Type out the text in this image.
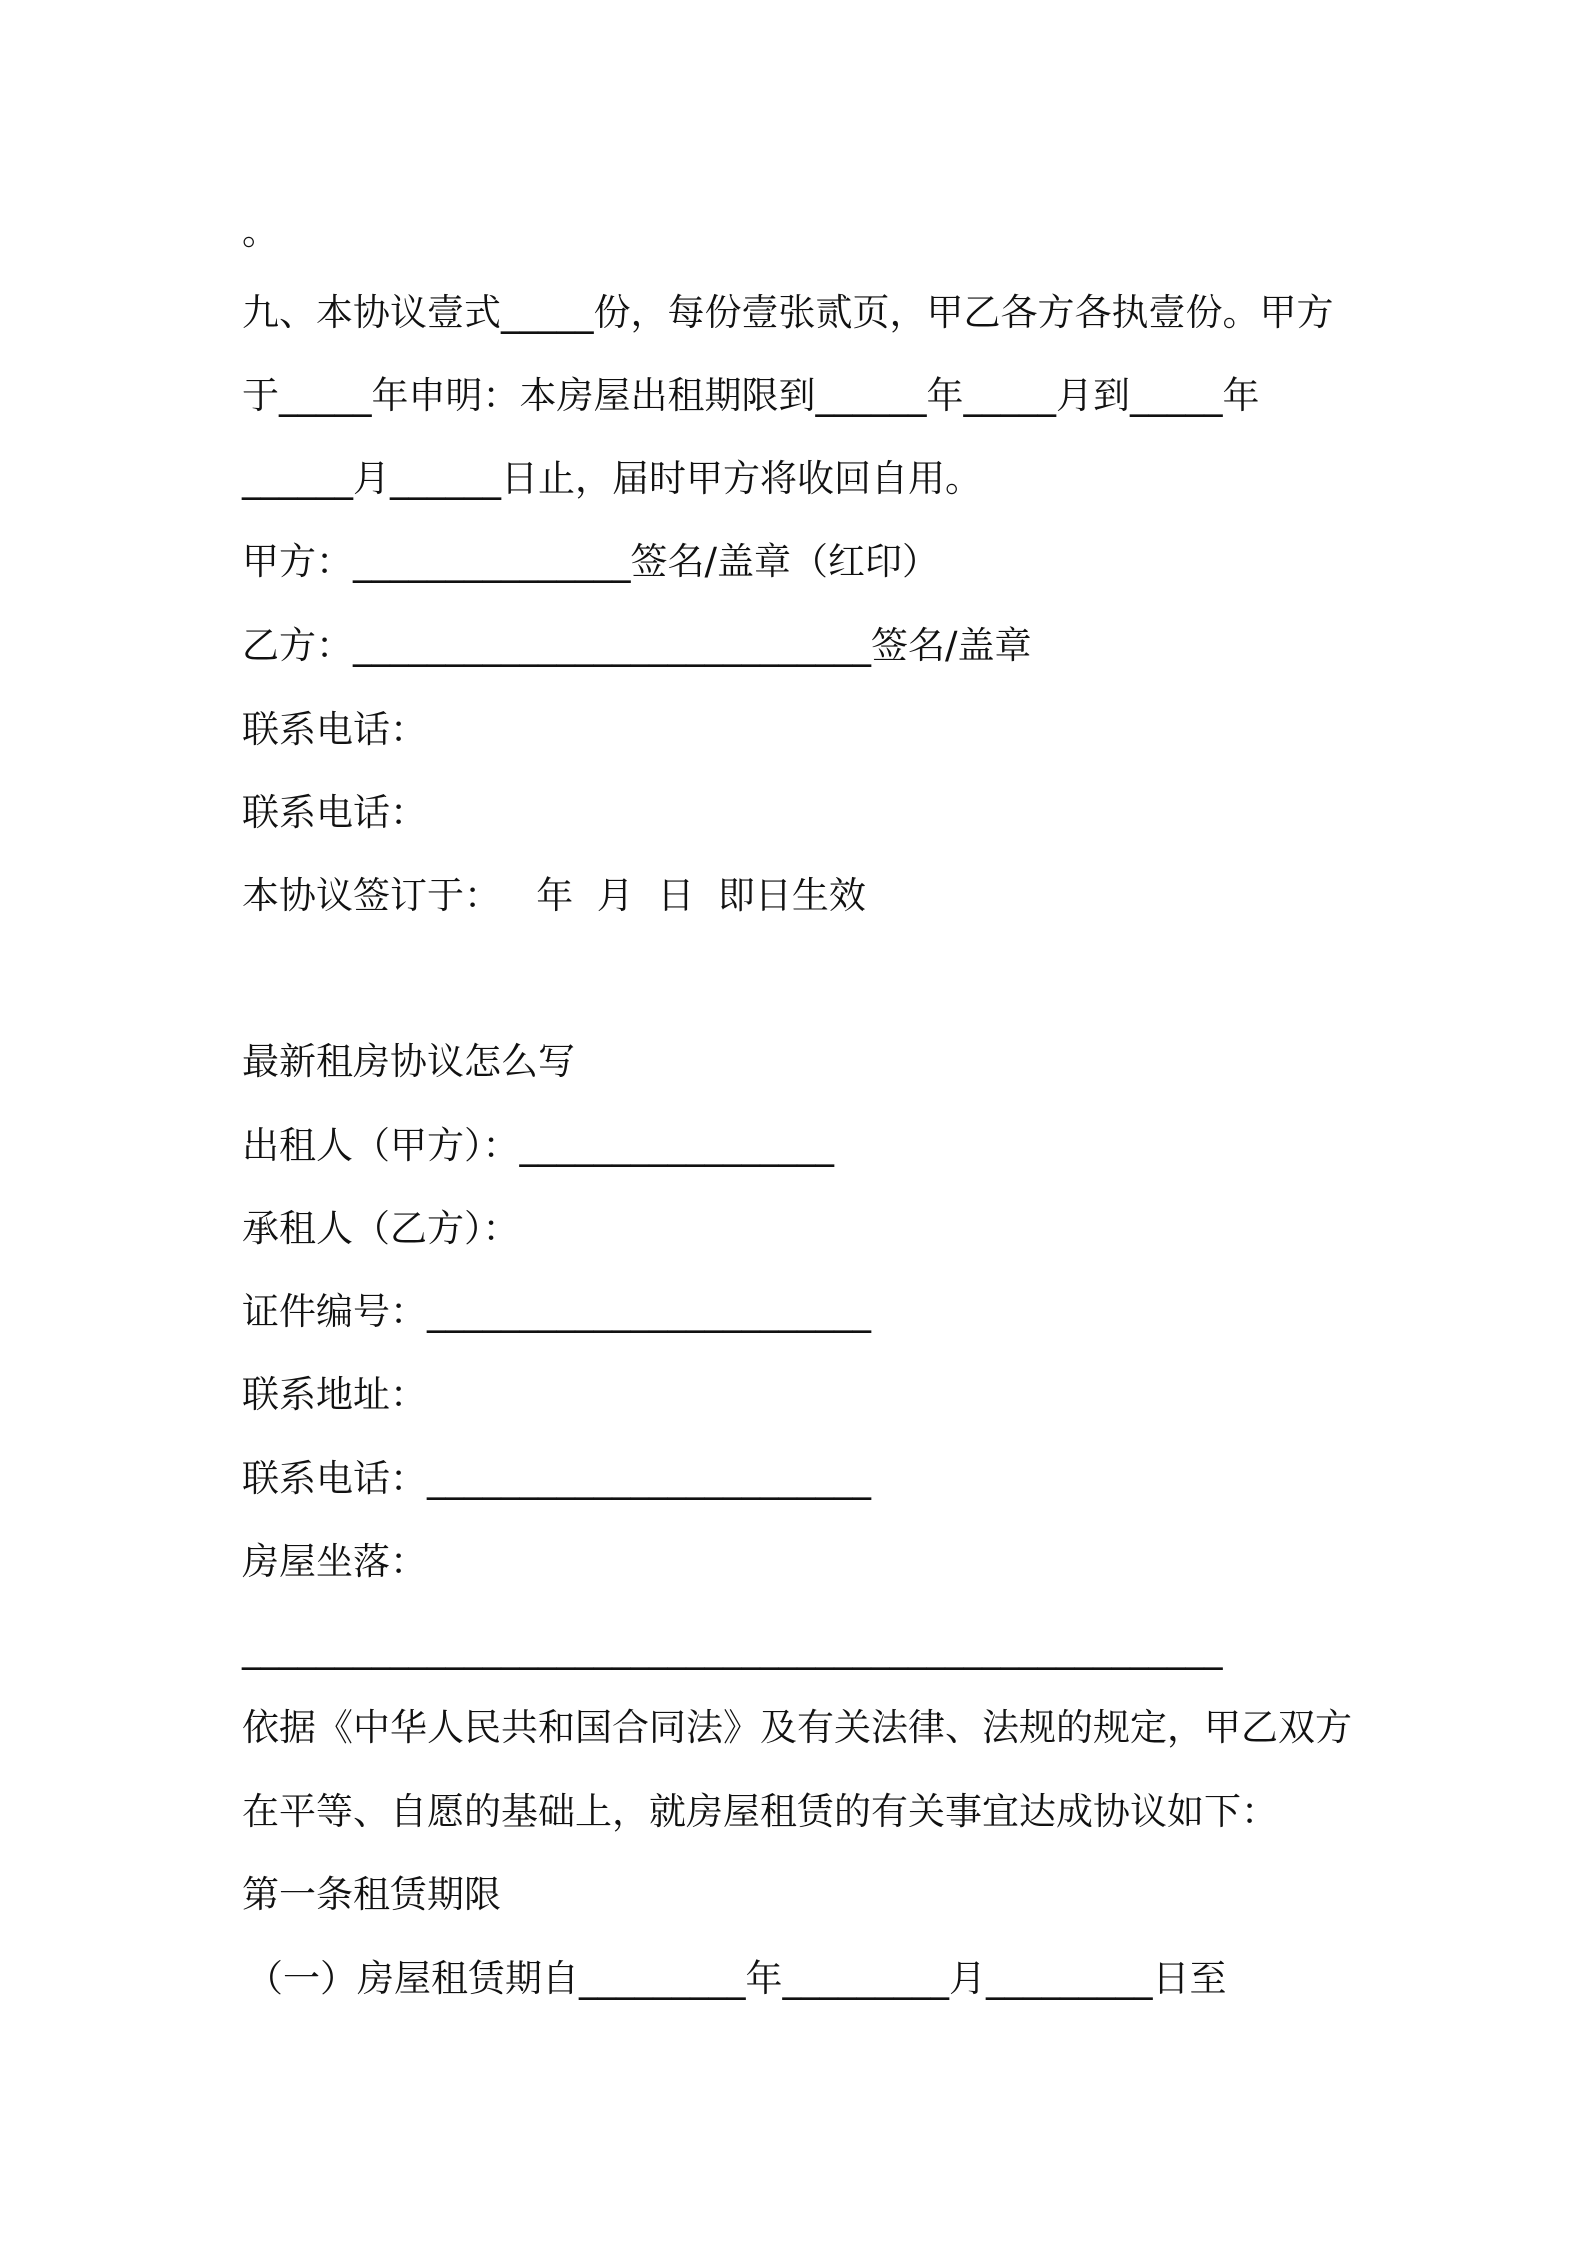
。
九、本协议壹式_____份，每份壹张贰页，甲乙各方各执壹份。甲方
于_____年申明：本房屋出租期限到______年_____月到_____年
______月______日止，届时甲方将收回自用。
甲方：_______________签名/盖章（红印）
乙方：____________________________签名/盖章
联系电话：
联系电话：
本协议签订于：   年  月  日  即日生效
最新租房协议怎么写
出租人（甲方）：_________________
承租人（乙方）：
证件编号：________________________
联系地址：
联系电话：________________________
房屋坐落：
_____________________________________________________
依据《中华人民共和国合同法》及有关法律、法规的规定，甲乙双方
在平等、自愿的基础上，就房屋租赁的有关事宜达成协议如下：
第一条租赁期限
（一）房屋租赁期自_________年_________月_________日至
